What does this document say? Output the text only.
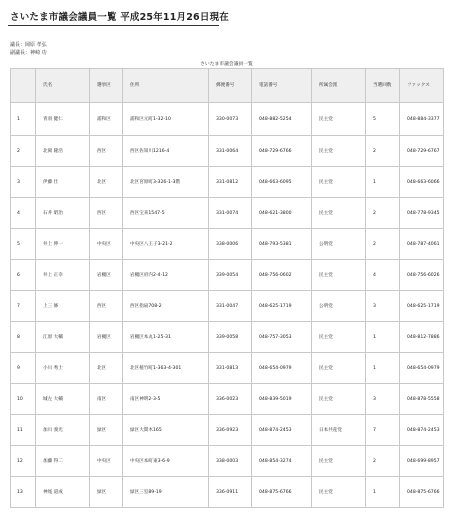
さいたま市議会議員一覧 平成25年11月26日現在
議長：岡原 孝弘
副議長：神崎 功
さいたま市議会議員一覧
	氏名	選挙区	住所	郵便番号	電話番号	所属会派	当選回数	ファックス
1	青羽 健仁	浦和区	浦和区元町1-32-10	330-0073	048-882-5254	民主党	5	048-884-3377
2	北岡 隆浩	西区	西区佐知川1216-4	331-0064	048-729-6766	民主党	2	048-729-6767
3	伊藤 仕	北区	北区宮原町3-326-1-3階	331-0812	048-663-6095	民主党	1	048-663-6066
4	石井 昭治	西区	西区宝来1547-5	331-0074	048-621-3800	民主党	2	048-778-9345
5	井上 伸一	中央区	中央区八王子3-21-2	338-0006	048-793-5381	公明党	2	048-787-4061
6	井上 正幸	岩槻区	岩槻区府内2-4-12	339-0054	048-756-0602	民主党	4	048-756-6026
7	上三 修	西区	西区指扇708-2	331-0047	048-625-1719	公明党	3	048-625-1719
8	江原 大輔	岩槻区	岩槻区本丸1-25-31	339-0058	048-757-3053	民主党	1	048-812-7886
9	小川 秀士	北区	北区植竹町1-363-4-301	331-0813	048-654-0979	民主党	1	048-654-0979
10	城左 大輔	南区	南区神明2-3-5	336-0023	048-839-5019	民主党	3	048-878-5558
11	加川 義光	緑区	緑区大間木165	336-0923	048-874-2453	日本共産党	7	048-874-2453
12	加藤 得二	中央区	中央区本町東3-6-9	338-0003	048-854-3274	民主党	2	048-699-8957
13	神尾 道成	緑区	緑区三室89-19	336-0911	048-875-6766	民主党	1	048-875-6766
